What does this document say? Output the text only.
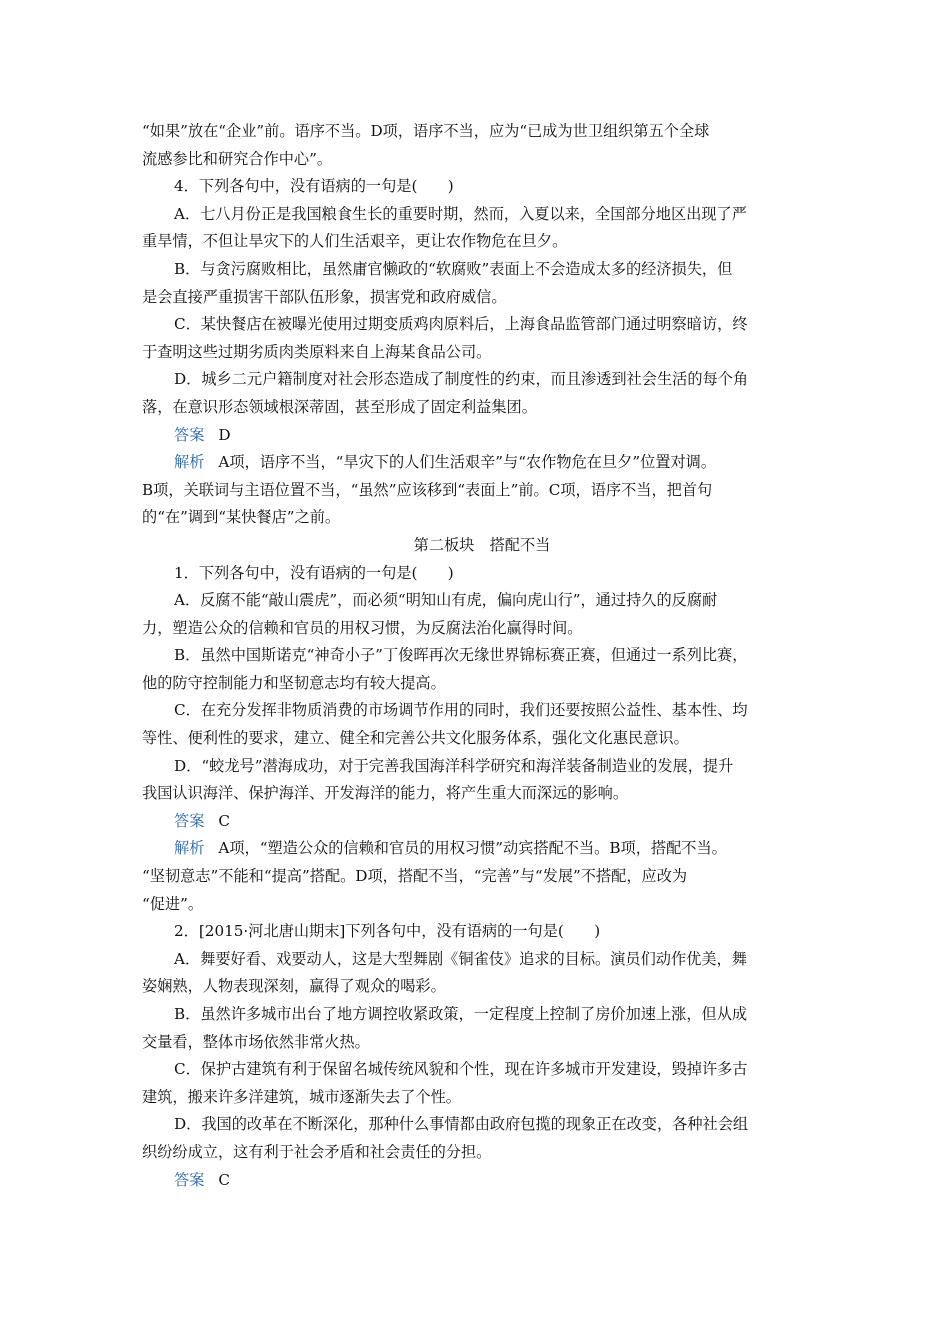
“如果”放在“企业”前。语序不当。D项，语序不当，应为“已成为世卫组织第五个全球
流感参比和研究合作中心”。
4．下列各句中，没有语病的一句是(　　)
A．七八月份正是我国粮食生长的重要时期，然而，入夏以来，全国部分地区出现了严
重旱情，不但让旱灾下的人们生活艰辛，更让农作物危在旦夕。
B．与贪污腐败相比，虽然庸官懒政的“软腐败”表面上不会造成太多的经济损失，但
是会直接严重损害干部队伍形象，损害党和政府威信。
C．某快餐店在被曝光使用过期变质鸡肉原料后，上海食品监管部门通过明察暗访，终
于查明这些过期劣质肉类原料来自上海某食品公司。
D．城乡二元户籍制度对社会形态造成了制度性的约束，而且渗透到社会生活的每个角
落，在意识形态领域根深蒂固，甚至形成了固定利益集团。
答案 D
解析 A项，语序不当，“旱灾下的人们生活艰辛”与“农作物危在旦夕”位置对调。
B项，关联词与主语位置不当，“虽然”应该移到“表面上”前。C项，语序不当，把首句
的“在”调到“某快餐店”之前。
第二板块　搭配不当
1．下列各句中，没有语病的一句是(　　)
A．反腐不能“敲山震虎”，而必须“明知山有虎，偏向虎山行”，通过持久的反腐耐
力，塑造公众的信赖和官员的用权习惯，为反腐法治化赢得时间。
B．虽然中国斯诺克“神奇小子”丁俊晖再次无缘世界锦标赛正赛，但通过一系列比赛，
他的防守控制能力和坚韧意志均有较大提高。
C．在充分发挥非物质消费的市场调节作用的同时，我们还要按照公益性、基本性、均
等性、便利性的要求，建立、健全和完善公共文化服务体系，强化文化惠民意识。
D．“蛟龙号”潜海成功，对于完善我国海洋科学研究和海洋装备制造业的发展，提升
我国认识海洋、保护海洋、开发海洋的能力，将产生重大而深远的影响。
答案 C
解析 A项，“塑造公众的信赖和官员的用权习惯”动宾搭配不当。B项，搭配不当。
“坚韧意志”不能和“提高”搭配。D项，搭配不当，“完善”与“发展”不搭配，应改为
“促进”。
2．[2015·河北唐山期末]下列各句中，没有语病的一句是(　　)
A．舞要好看、戏要动人，这是大型舞剧《铜雀伎》追求的目标。演员们动作优美，舞
姿娴熟，人物表现深刻，赢得了观众的喝彩。
B．虽然许多城市出台了地方调控收紧政策，一定程度上控制了房价加速上涨，但从成
交量看，整体市场依然非常火热。
C．保护古建筑有利于保留名城传统风貌和个性，现在许多城市开发建设，毁掉许多古
建筑，搬来许多洋建筑，城市逐渐失去了个性。
D．我国的改革在不断深化，那种什么事情都由政府包揽的现象正在改变，各种社会组
织纷纷成立，这有利于社会矛盾和社会责任的分担。
答案 C
